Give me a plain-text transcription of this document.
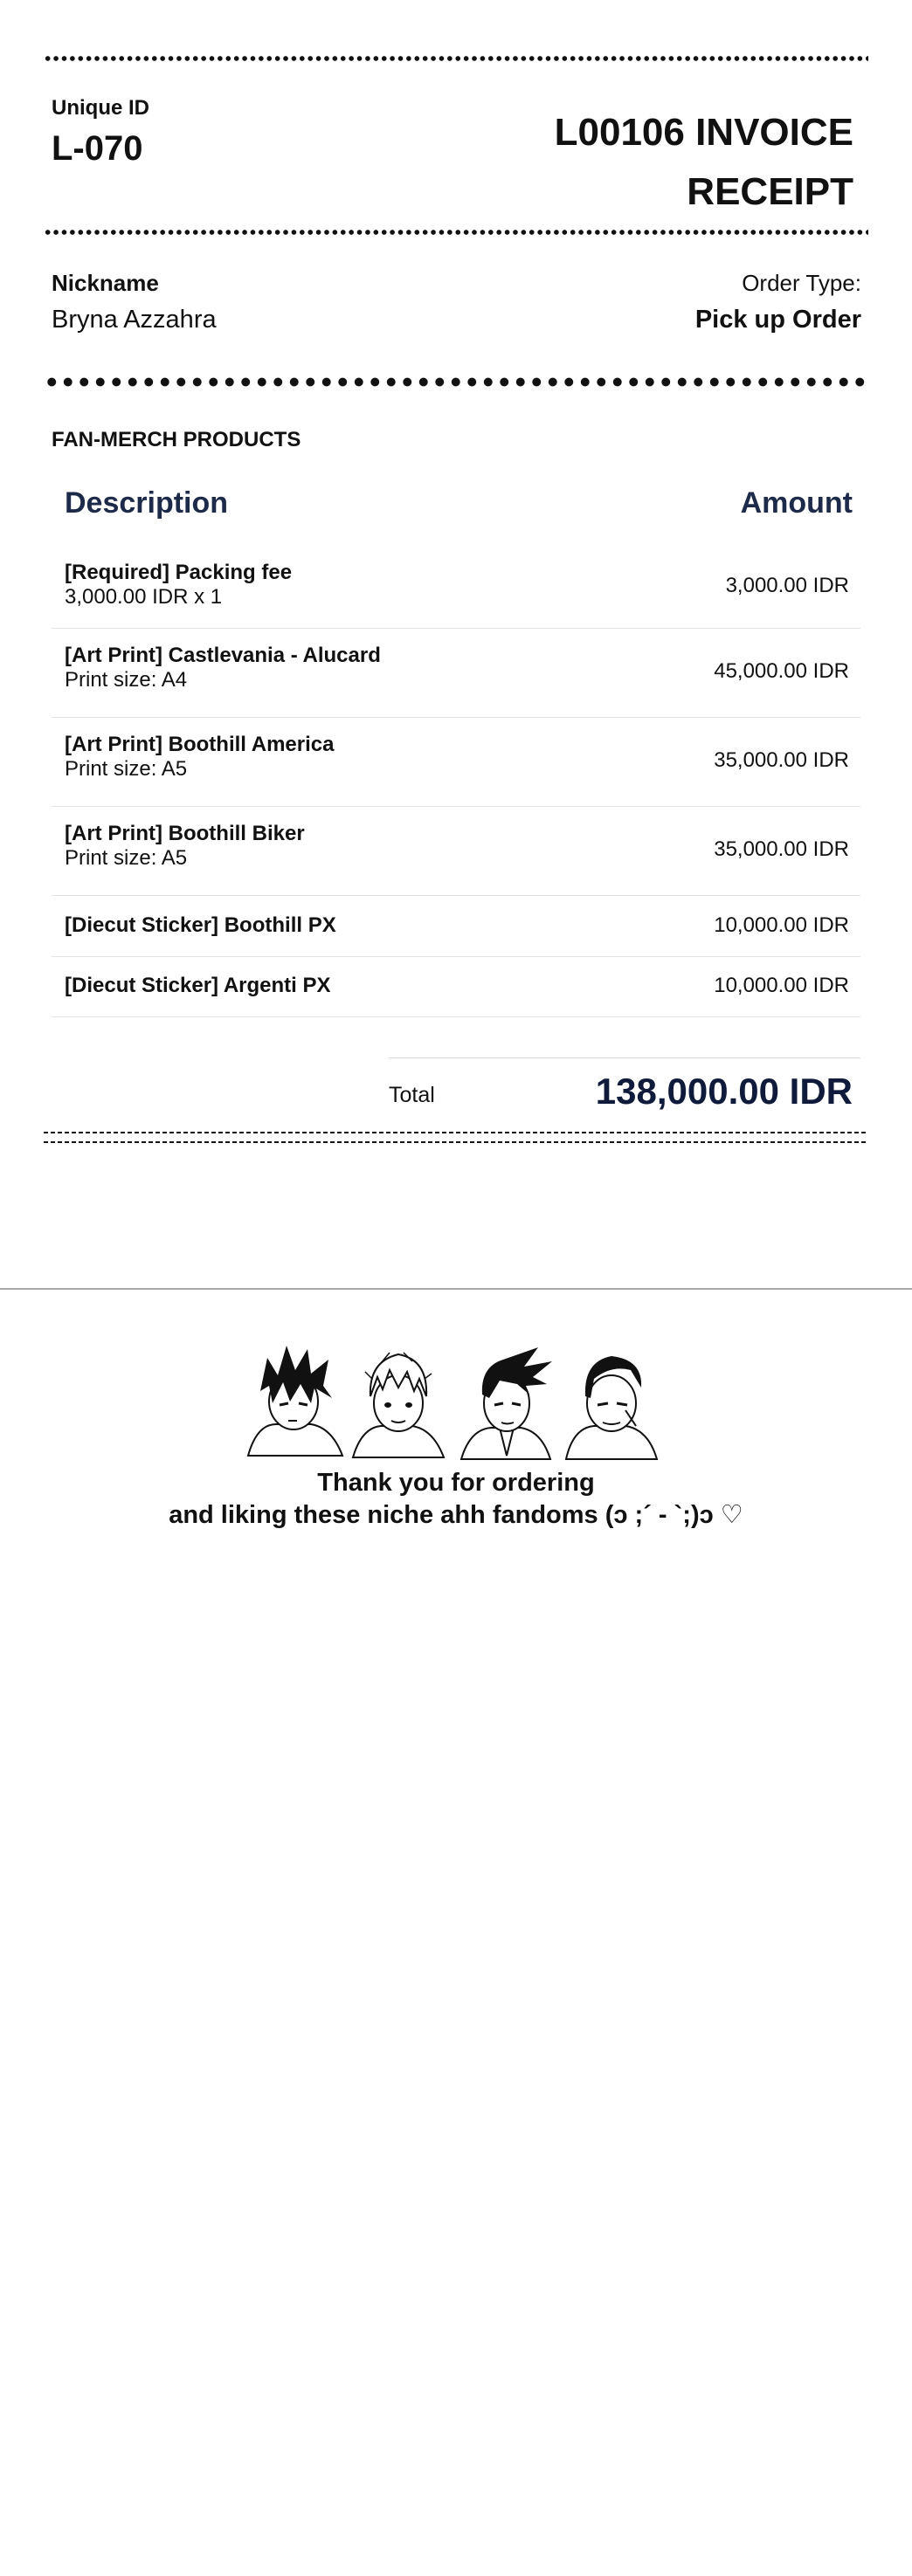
Unique ID
L-070	L00106 INVOICE RECEIPT
Nickname
Bryna Azzahra
Order Type:
Pick up Order
FAN-MERCH PRODUCTS
Description	Amount
[Required] Packing fee
3,000.00 IDR x 1	3,000.00 IDR
[Art Print] Castlevania - Alucard
Print size: A4	45,000.00 IDR
[Art Print] Boothill America
Print size: A5	35,000.00 IDR
[Art Print] Boothill Biker
Print size: A5	35,000.00 IDR
[Diecut Sticker] Boothill PX	10,000.00 IDR
[Diecut Sticker] Argenti PX	10,000.00 IDR
Total	138,000.00 IDR
Thank you for ordering
and liking these niche ahh fandoms (ↄ ;´ - `;)ↄ ♡
